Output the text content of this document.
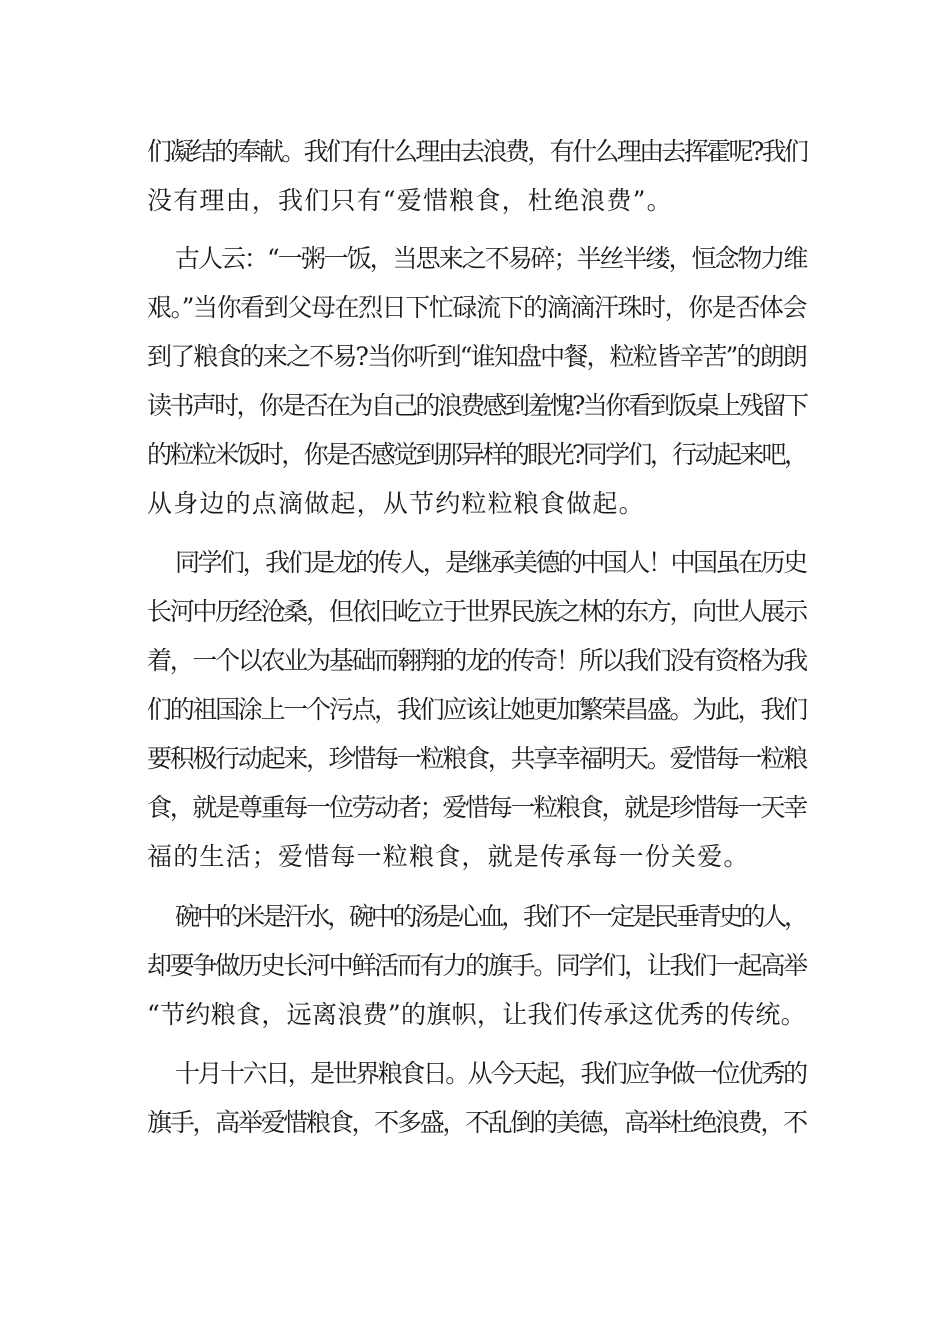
们凝结的奉献。我们有什么理由去浪费，有什么理由去挥霍呢?我们
没有理由，我们只有“爱惜粮食，杜绝浪费”。
古人云：“一粥一饭，当思来之不易碎；半丝半缕，恒念物力维
艰。”当你看到父母在烈日下忙碌流下的滴滴汗珠时，你是否体会
到了粮食的来之不易?当你听到“谁知盘中餐，粒粒皆辛苦”的朗朗
读书声时，你是否在为自己的浪费感到羞愧?当你看到饭桌上残留下
的粒粒米饭时，你是否感觉到那异样的眼光?同学们，行动起来吧，
从身边的点滴做起，从节约粒粒粮食做起。
同学们，我们是龙的传人，是继承美德的中国人！中国虽在历史
长河中历经沧桑，但依旧屹立于世界民族之林的东方，向世人展示
着，一个以农业为基础而翱翔的龙的传奇！所以我们没有资格为我
们的祖国涂上一个污点，我们应该让她更加繁荣昌盛。为此，我们
要积极行动起来，珍惜每一粒粮食，共享幸福明天。爱惜每一粒粮
食，就是尊重每一位劳动者；爱惜每一粒粮食，就是珍惜每一天幸
福的生活；爱惜每一粒粮食，就是传承每一份关爱。
碗中的米是汗水，碗中的汤是心血，我们不一定是民垂青史的人，
却要争做历史长河中鲜活而有力的旗手。同学们，让我们一起高举
“节约粮食，远离浪费”的旗帜，让我们传承这优秀的传统。
十月十六日，是世界粮食日。从今天起，我们应争做一位优秀的
旗手，高举爱惜粮食，不多盛，不乱倒的美德，高举杜绝浪费，不
